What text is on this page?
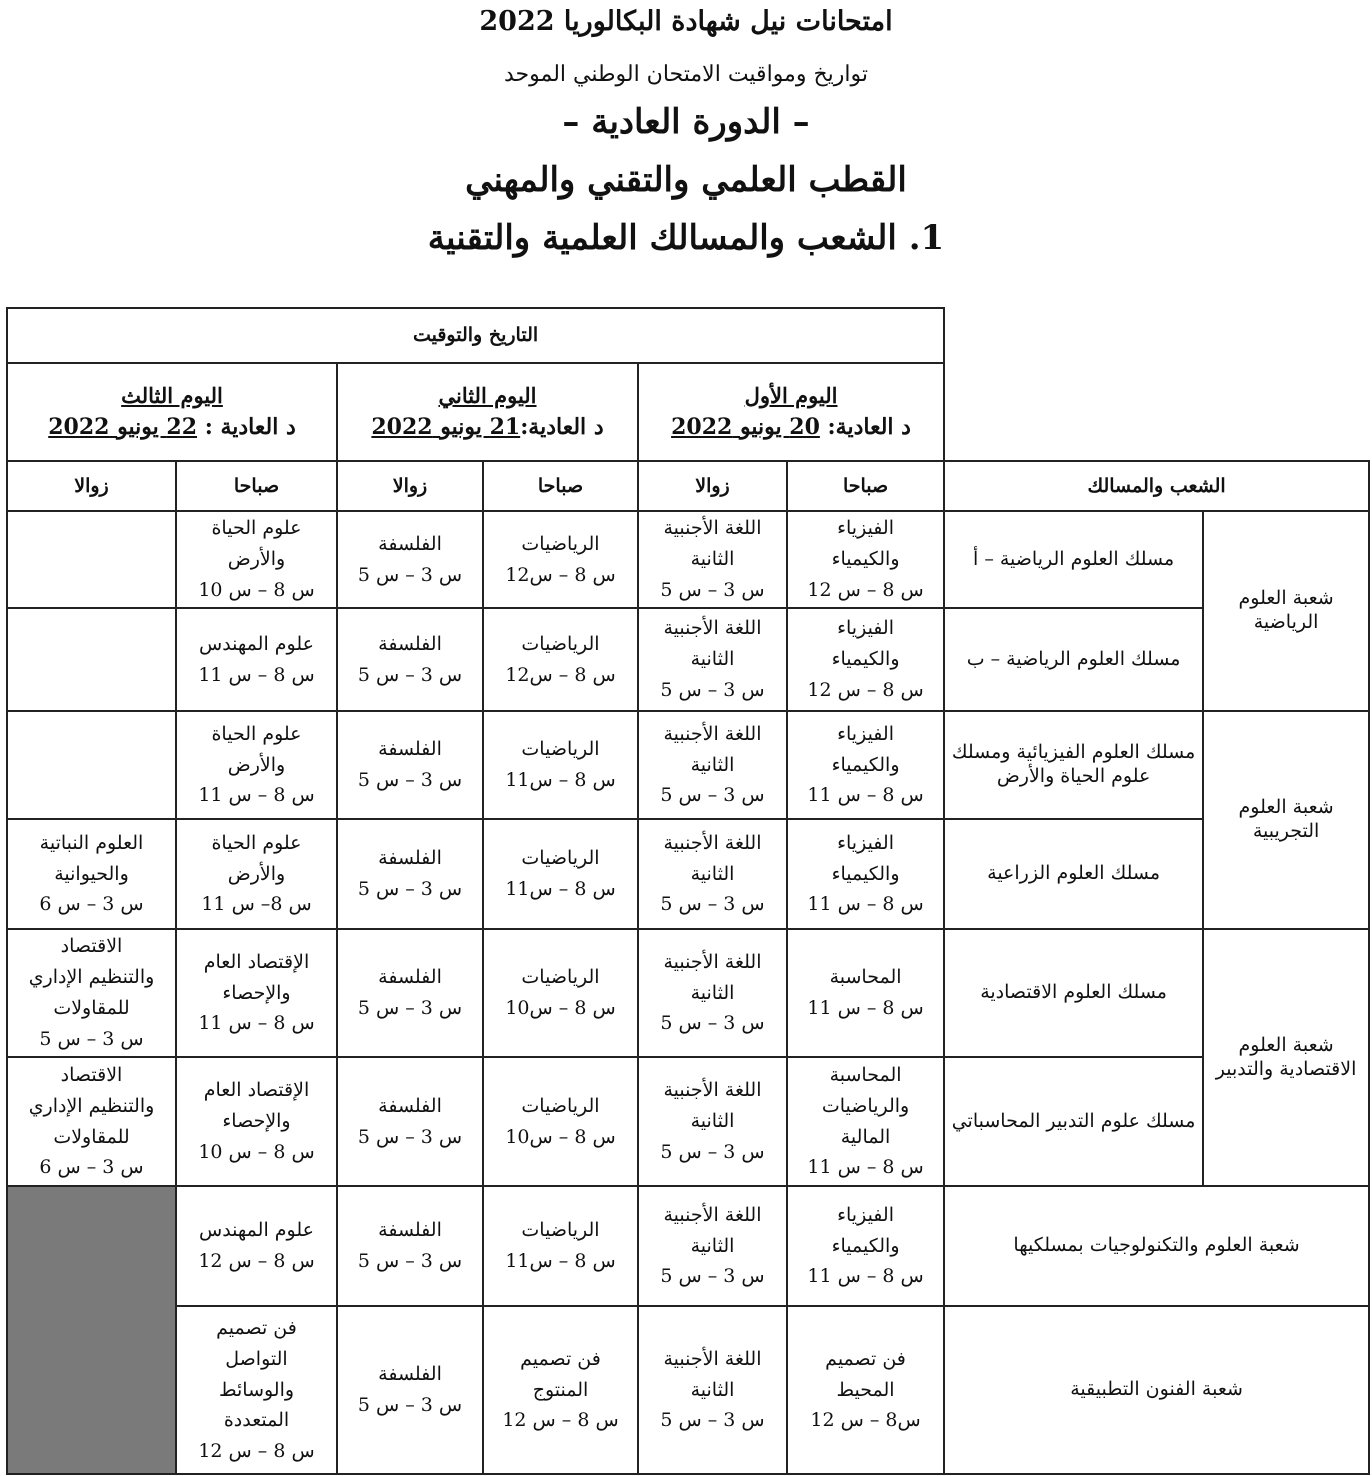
امتحانات نيل شهادة البكالوريا 2022
تواريخ ومواقيت الامتحان الوطني الموحد
– الدورة العادية –
القطب العلمي والتقني والمهني
1. الشعب والمسالك العلمية والتقنية
التاريخ والتوقيت							

اليوم الثالث
د العادية : 22 يونيو 2022		اليوم الثاني
د العادية:21 يونيو 2022		اليوم الأول
د العادية: 20 يونيو 2022			

زوالا	صباحا	زوالا	صباحا	زوالا	صباحا	الشعب والمسالك	

	علوم الحياة
والأرض
س 8 – س 10	الفلسفة
س 3 – س 5	الرياضيات
س 8 – س12	اللغة الأجنبية
الثانية
س 3 – س 5	الفيزياء
والكيمياء
س 8 – س 12	مسلك العلوم الرياضية – أ	شعبة العلوم الرياضية

	علوم المهندس
س 8 – س 11	الفلسفة
س 3 – س 5	الرياضيات
س 8 – س12	اللغة الأجنبية
الثانية
س 3 – س 5	الفيزياء
والكيمياء
س 8 – س 12	مسلك العلوم الرياضية – ب	

	علوم الحياة
والأرض
س 8 – س 11	الفلسفة
س 3 – س 5	الرياضيات
س 8 – س11	اللغة الأجنبية
الثانية
س 3 – س 5	الفيزياء
والكيمياء
س 8 – س 11	مسلك العلوم الفيزيائية ومسلك علوم الحياة والأرض	شعبة العلوم التجريبية

العلوم النباتية
والحيوانية
س 3 – س 6	علوم الحياة
والأرض
س 8– س 11	الفلسفة
س 3 – س 5	الرياضيات
س 8 – س11	اللغة الأجنبية
الثانية
س 3 – س 5	الفيزياء
والكيمياء
س 8 – س 11	مسلك العلوم الزراعية	

الاقتصاد
والتنظيم الإداري
للمقاولات
س 3 – س 5	الإقتصاد العام
والإحصاء
س 8 – س 11	الفلسفة
س 3 – س 5	الرياضيات
س 8 – س10	اللغة الأجنبية
الثانية
س 3 – س 5	المحاسبة
س 8 – س 11	مسلك العلوم الاقتصادية	شعبة العلوم الاقتصادية والتدبير

الاقتصاد
والتنظيم الإداري
للمقاولات
س 3 – س 6	الإقتصاد العام
والإحصاء
س 8 – س 10	الفلسفة
س 3 – س 5	الرياضيات
س 8 – س10	اللغة الأجنبية
الثانية
س 3 – س 5	المحاسبة
والرياضيات
المالية
س 8 – س 11	مسلك علوم التدبير المحاسباتي	

	علوم المهندس
س 8 – س 12	الفلسفة
س 3 – س 5	الرياضيات
س 8 – س11	اللغة الأجنبية
الثانية
س 3 – س 5	الفيزياء
والكيمياء
س 8 – س 11	شعبة العلوم والتكنولوجيات بمسلكيها	

	فن تصميم
التواصل
والوسائط
المتعددة
س 8 – س 12	الفلسفة
س 3 – س 5	فن تصميم
المنتوج
س 8 – س 12	اللغة الأجنبية
الثانية
س 3 – س 5	فن تصميم
المحيط
س8 – س 12	شعبة الفنون التطبيقية	
